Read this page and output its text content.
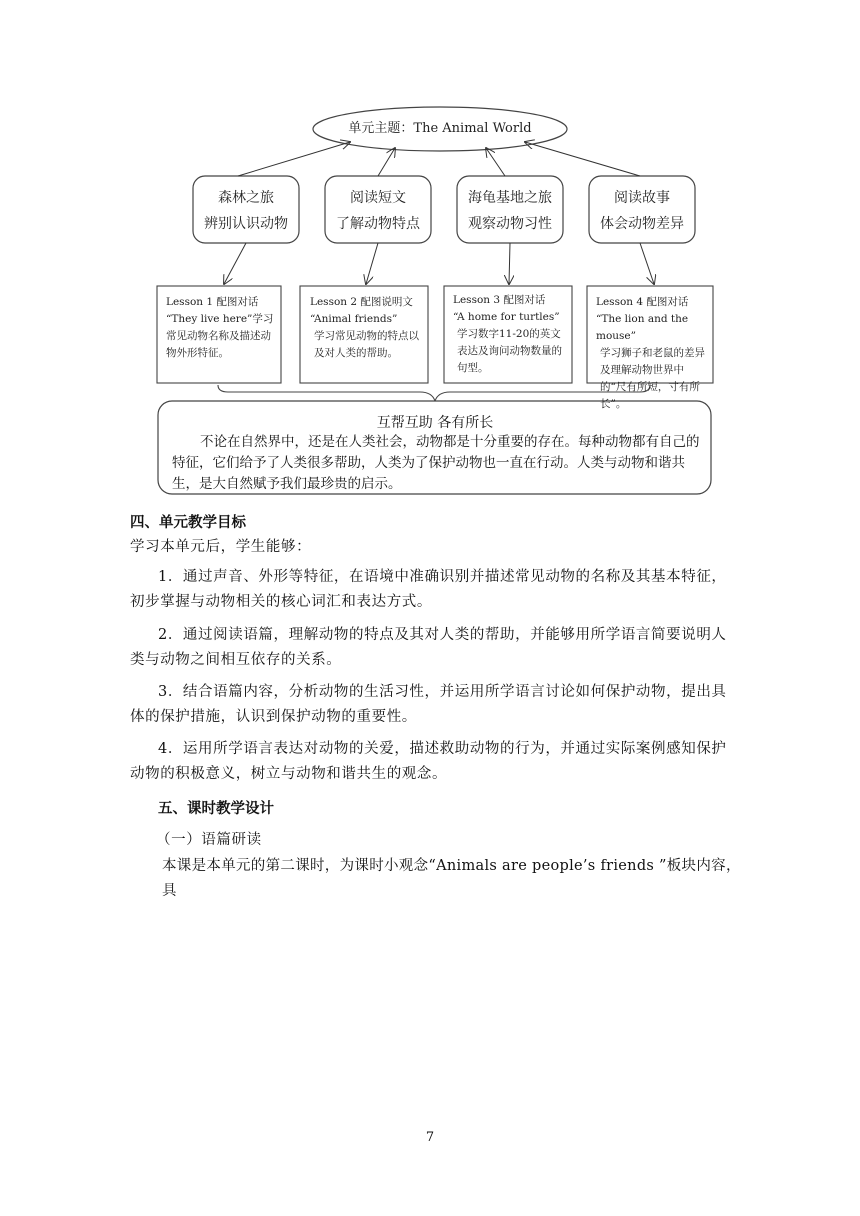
单元主题：The Animal World
森林之旅
辨别认识动物
阅读短文
了解动物特点
海龟基地之旅
观察动物习性
阅读故事
体会动物差异
Lesson 1 配图对话
“They live here”学习常见动物名称及描述动物外形特征。
Lesson 2 配图说明文
“Animal friends”
学习常见动物的特点以及对人类的帮助。
Lesson 3 配图对话
“A home for turtles”
学习数字11-20的英文表达及询问动物数量的句型。
Lesson 4 配图对话
“The lion and the mouse”
学习狮子和老鼠的差异及理解动物世界中的“尺有所短，寸有所长”。
互帮互助 各有所长
不论在自然界中，还是在人类社会，动物都是十分重要的存在。每种动物都有自己的特征，它们给予了人类很多帮助，人类为了保护动物也一直在行动。人类与动物和谐共生，是大自然赋予我们最珍贵的启示。
四、单元教学目标
学习本单元后，学生能够：
1．通过声音、外形等特征，在语境中准确识别并描述常见动物的名称及其基本特征，初步掌握与动物相关的核心词汇和表达方式。
2．通过阅读语篇，理解动物的特点及其对人类的帮助，并能够用所学语言简要说明人类与动物之间相互依存的关系。
3．结合语篇内容，分析动物的生活习性，并运用所学语言讨论如何保护动物，提出具体的保护措施，认识到保护动物的重要性。
4．运用所学语言表达对动物的关爱，描述救助动物的行为，并通过实际案例感知保护动物的积极意义，树立与动物和谐共生的观念。
五、课时教学设计
（一）语篇研读
本课是本单元的第二课时，为课时小观念“Animals are people’s friends ”板块内容，具
7
